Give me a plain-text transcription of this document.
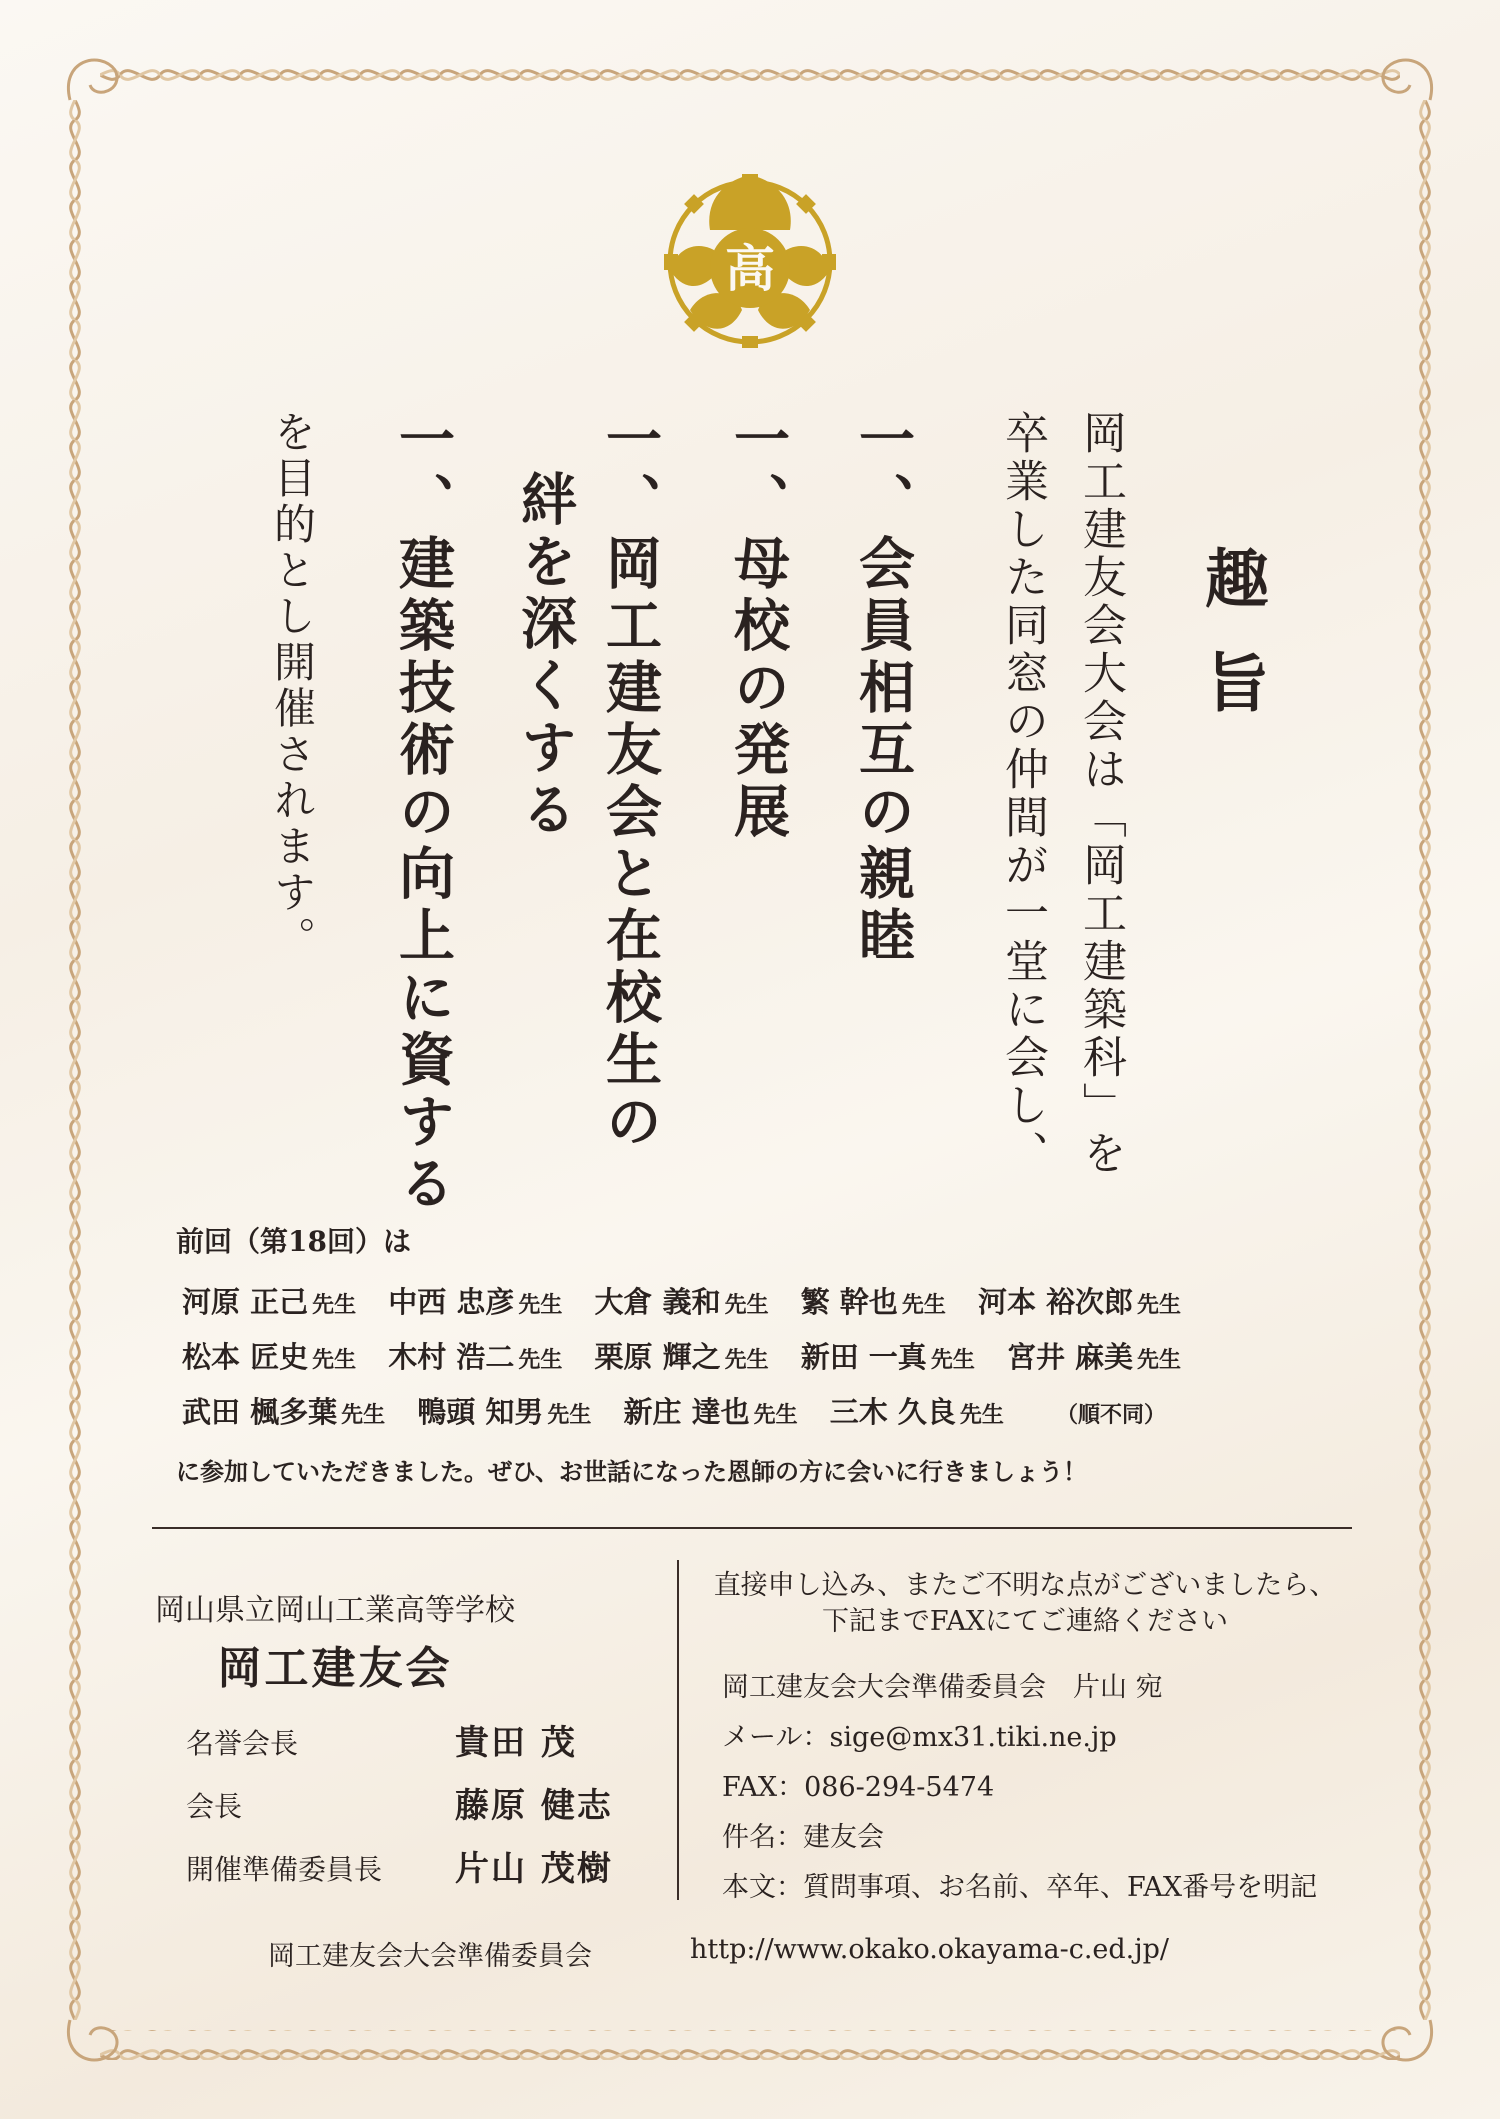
高
趣旨
岡工建友会大会は「岡工建築科」を
卒業した同窓の仲間が一堂に会し、
一、会員相互の親睦
一、母校の発展
一、岡工建友会と在校生の
絆を深くする
一、建築技術の向上に資する
を目的とし開催されます。
前回（第18回）は
河原 正己 先生 中西 忠彦 先生 大倉 義和 先生 繁 幹也 先生 河本 裕次郎 先生
松本 匠史 先生 木村 浩二 先生 栗原 輝之 先生 新田 一真 先生 宮井 麻美 先生
武田 楓多葉 先生 鴨頭 知男 先生 新庄 達也 先生 三木 久良 先生 （順不同）
に参加していただきました。ぜひ、お世話になった恩師の方に会いに行きましょう！
岡山県立岡山工業高等学校
岡工建友会
名誉会長	貴田 茂
会長	藤原 健志
開催準備委員長 片山 茂樹
直接申し込み、またご不明な点がございましたら、
下記までFAXにてご連絡ください
岡工建友会大会準備委員会　片山 宛
メール：sige@mx31.tiki.ne.jp
FAX：086-294-5474
件名：建友会
本文：質問事項、お名前、卒年、FAX番号を明記
岡工建友会大会準備委員会	http://www.okako.okayama-c.ed.jp/
